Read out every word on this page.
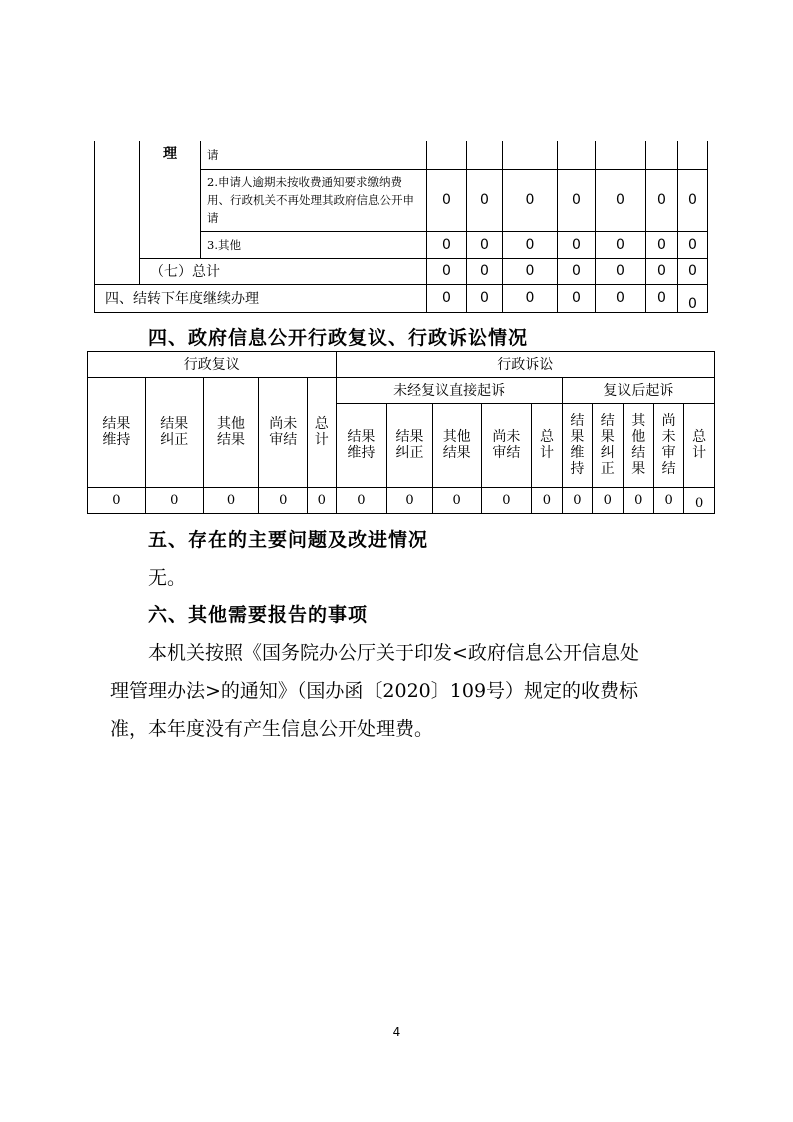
	理	请							
		2.申请人逾期未按收费通知要求缴纳费用、行政机关不再处理其政府信息公开申请	0	0	0	0	0	0	0
		3.其他	0	0	0	0	0	0	0
	（七）总计		0	0	0	0	0	0	0
四、结转下年度继续办理			0	0	0	0	0	0	0
四、政府信息公开行政复议、行政诉讼情况
行政复议					行政诉讼									
结果维持	结果纠正	其他结果	尚未审结	总计	未经复议直接起诉					复议后起诉				
					结果维持	结果纠正	其他结果	尚未审结	总计	结果维持	结果纠正	其他结果	尚未审结	总计
0	0	0	0	0	0	0	0	0	0	0	0	0	0	0
五、存在的主要问题及改进情况
无。
六、其他需要报告的事项
本机关按照《国务院办公厅关于印发<政府信息公开信息处
理管理办法>的通知》（国办函〔2020〕109号）规定的收费标
准，本年度没有产生信息公开处理费。
4
